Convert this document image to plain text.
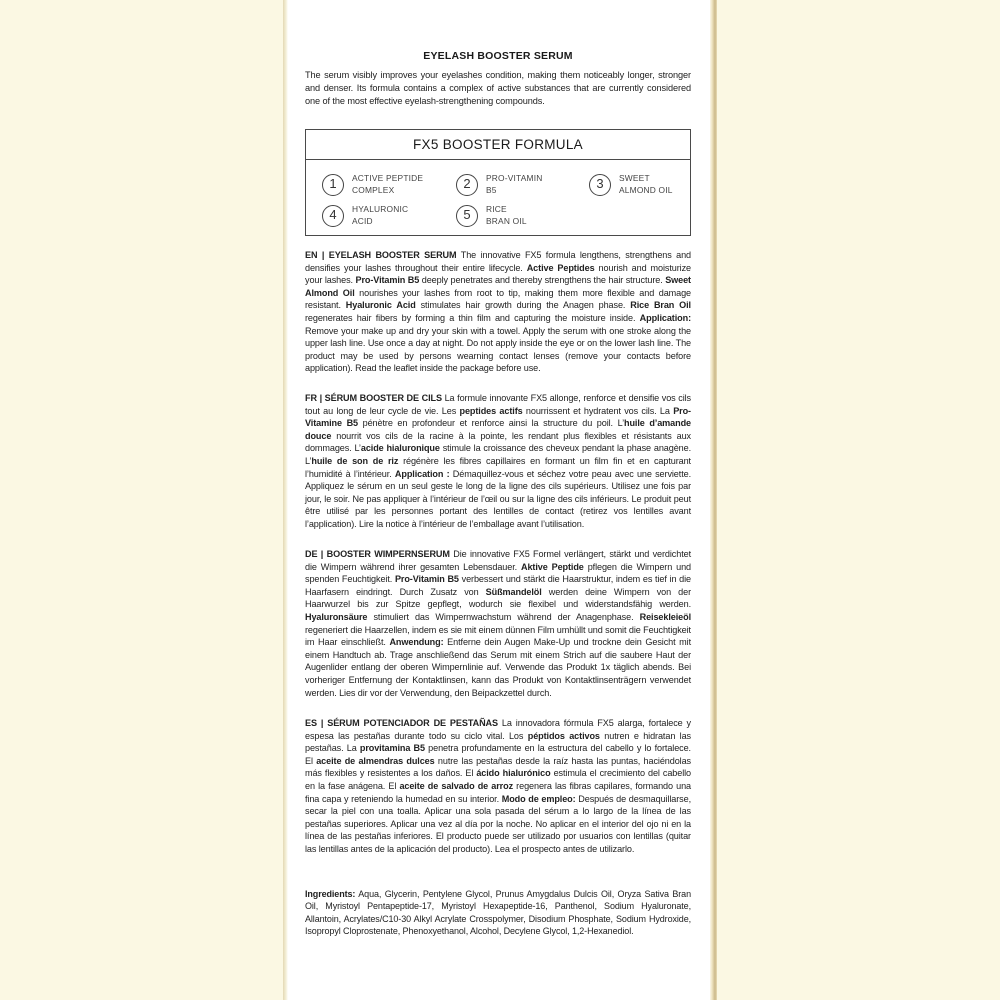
EYELASH BOOSTER SERUM
The serum visibly improves your eyelashes condition, making them noticeably longer, stronger and denser. Its formula contains a complex of active substances that are currently considered one of the most effective eyelash-strengthening compounds.
FX5 BOOSTER FORMULA
1	ACTIVE PEPTIDE COMPLEX	2	PRO-VITAMIN B5	3	SWEET ALMOND OIL
4	HYALURONIC ACID	5	RICE BRAN OIL
EN | EYELASH BOOSTER SERUM The innovative FX5 formula lengthens, strengthens and densifies your lashes throughout their entire lifecycle. Active Peptides nourish and moisturize your lashes. Pro-Vitamin B5 deeply penetrates and thereby strengthens the hair structure. Sweet Almond Oil nourishes your lashes from root to tip, making them more flexible and damage resistant. Hyaluronic Acid stimulates hair growth during the Anagen phase. Rice Bran Oil regenerates hair fibers by forming a thin film and capturing the moisture inside. Application: Remove your make up and dry your skin with a towel. Apply the serum with one stroke along the upper lash line. Use once a day at night. Do not apply inside the eye or on the lower lash line. The product may be used by persons wearning contact lenses (remove your contacts before application). Read the leaflet inside the package before use.
FR | SÉRUM BOOSTER DE CILS La formule innovante FX5 allonge, renforce et densifie vos cils tout au long de leur cycle de vie. Les peptides actifs nourrissent et hydratent vos cils. La Pro-Vitamine B5 pénètre en profondeur et renforce ainsi la structure du poil. L’huile d’amande douce nourrit vos cils de la racine à la pointe, les rendant plus flexibles et résistants aux dommages. L’acide hialuronique stimule la croissance des cheveux pendant la phase anagène. L’huile de son de riz régénère les fibres capillaires en formant un film fin et en capturant l’humidité à l’intérieur. Application : Démaquillez-vous et séchez votre peau avec une serviette. Appliquez le sérum en un seul geste le long de la ligne des cils supérieurs. Utilisez une fois par jour, le soir. Ne pas appliquer à l’intérieur de l’œil ou sur la ligne des cils inférieurs. Le produit peut être utilisé par les personnes portant des lentilles de contact (retirez vos lentilles avant l’application). Lire la notice à l’intérieur de l’emballage avant l’utilisation.
DE | BOOSTER WIMPERNSERUM Die innovative FX5 Formel verlängert, stärkt und verdichtet die Wimpern während ihrer gesamten Lebensdauer. Aktive Peptide pflegen die Wimpern und spenden Feuchtigkeit. Pro-Vitamin B5 verbessert und stärkt die Haarstruktur, indem es tief in die Haarfasern eindringt. Durch Zusatz von Süßmandelöl werden deine Wimpern von der Haarwurzel bis zur Spitze gepflegt, wodurch sie flexibel und widerstandsfähig werden. Hyaluronsäure stimuliert das Wimpernwachstum während der Anagenphase. Reisekleieöl regeneriert die Haarzellen, indem es sie mit einem dünnen Film umhüllt und somit die Feuchtigkeit im Haar einschließt. Anwendung: Entferne dein Augen Make-Up und trockne dein Gesicht mit einem Handtuch ab. Trage anschließend das Serum mit einem Strich auf die saubere Haut der Augenlider entlang der oberen Wimpernlinie auf. Verwende das Produkt 1x täglich abends. Bei vorheriger Entfernung der Kontaktlinsen, kann das Produkt von Kontaktlinsenträgern verwendet werden. Lies dir vor der Verwendung, den Beipackzettel durch.
ES | SÉRUM POTENCIADOR DE PESTAÑAS La innovadora fórmula FX5 alarga, fortalece y espesa las pestañas durante todo su ciclo vital. Los péptidos activos nutren e hidratan las pestañas. La provitamina B5 penetra profundamente en la estructura del cabello y lo fortalece. El aceite de almendras dulces nutre las pestañas desde la raíz hasta las puntas, haciéndolas más flexibles y resistentes a los daños. El ácido hialurónico estimula el crecimiento del cabello en la fase anágena. El aceite de salvado de arroz regenera las fibras capilares, formando una fina capa y reteniendo la humedad en su interior. Modo de empleo: Después de desmaquillarse, secar la piel con una toalla. Aplicar una sola pasada del sérum a lo largo de la línea de las pestañas superiores. Aplicar una vez al día por la noche. No aplicar en el interior del ojo ni en la línea de las pestañas inferiores. El producto puede ser utilizado por usuarios con lentillas (quitar las lentillas antes de la aplicación del producto). Lea el prospecto antes de utilizarlo.
Ingredients: Aqua, Glycerin, Pentylene Glycol, Prunus Amygdalus Dulcis Oil, Oryza Sativa Bran Oil, Myristoyl Pentapeptide-17, Myristoyl Hexapeptide-16, Panthenol, Sodium Hyaluronate, Allantoin, Acrylates/C10-30 Alkyl Acrylate Crosspolymer, Disodium Phosphate, Sodium Hydroxide, Isopropyl Cloprostenate, Phenoxyethanol, Alcohol, Decylene Glycol, 1,2-Hexanediol.
